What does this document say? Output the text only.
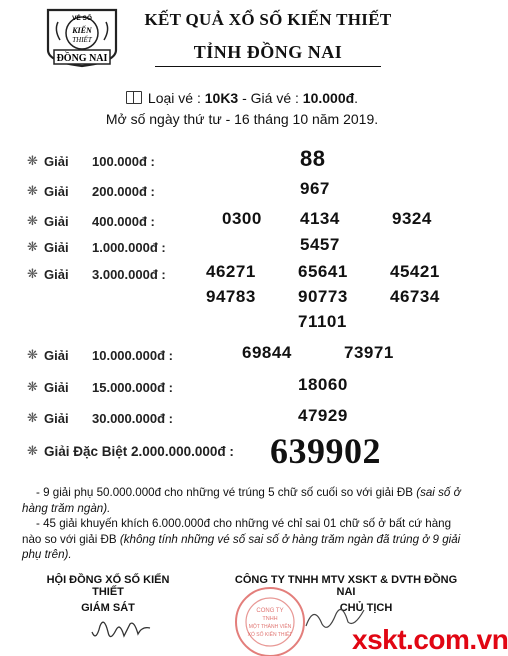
VÉ SỐ
KIẾN
THIẾT
ĐỒNG NAI
KẾT QUẢ XỔ SỐ KIẾN THIẾT
TỈNH ĐỒNG NAI
Loại vé : 10K3 - Giá vé : 10.000đ.
Mở số ngày thứ tư - 16 tháng 10 năm 2019.
❋ Giải 100.000đ :	88
❋ Giải 200.000đ :	967
❋ Giải 400.000đ :	0300 4134	9324
❋ Giải 1.000.000đ :	5457
❋ Giải 3.000.000đ : 46271 65641 45421
94783 90773 46734
71101
❋ Giải 10.000.000đ :	69844	73971
❋ Giải 15.000.000đ :	18060
❋ Giải 30.000.000đ :	47929
❋ Giải Đặc Biệt 2.000.000.000đ : 639902
- 9 giải phụ 50.000.000đ cho những vé trúng 5 chữ số cuối so với giải ĐB (sai số ở hàng trăm ngàn).
- 45 giải khuyến khích 6.000.000đ cho những vé chỉ sai 01 chữ số ở bất cứ hàng nào so với giải ĐB (không tính những vé số sai số ở hàng trăm ngàn đã trúng ở 9 giải phụ trên).
HỘI ĐỒNG XỔ SỐ KIẾN THIẾT
GIÁM SÁT
CÔNG TY TNHH MTV XSKT & DVTH ĐỒNG NAI
CHỦ TỊCH
CÔNG TY
TNHH
MỘT THÀNH VIÊN
XỔ SỐ KIẾN THIẾT xskt.com.vn
